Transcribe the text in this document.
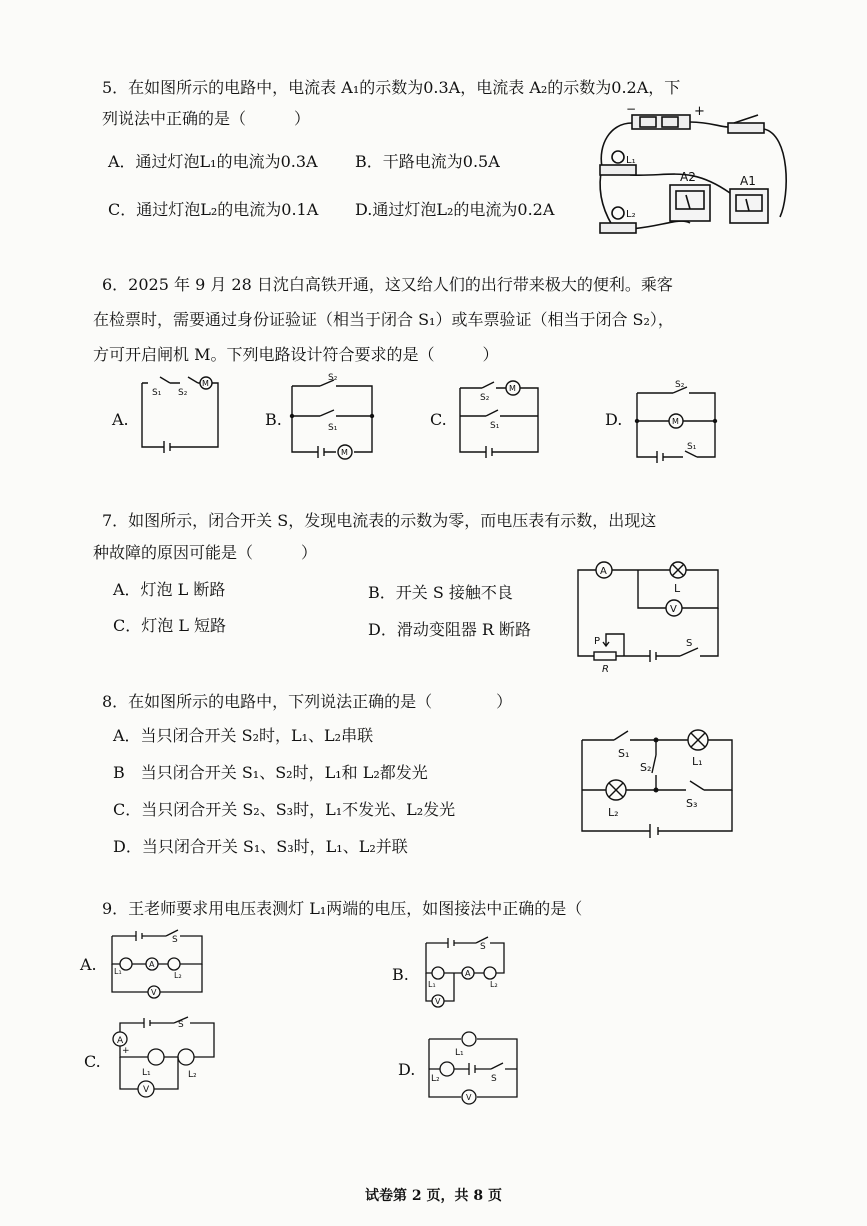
5．在如图所示的电路中，电流表 A₁的示数为0.3A，电流表 A₂的示数为0.2A，下
列说法中正确的是（　　　）
A．通过灯泡L₁的电流为0.3A B．干路电流为0.5A
C．通过灯泡L₂的电流为0.1A D.通过灯泡L₂的电流为0.2A
−	+
L₁
L₂
A2	A1
6．2025 年 9 月 28 日沈白高铁开通，这又给人们的出行带来极大的便利。乘客
在检票时，需要通过身份证验证（相当于闭合 S₁）或车票验证（相当于闭合 S₂），
方可开启闸机 M。下列电路设计符合要求的是（　　　）
A.
S₁ S₂
M
B.
S₂
S₁
M
C.
S₂
S₁
M
D.
S₂
S₁
M
7．如图所示，闭合开关 S，发现电流表的示数为零，而电压表有示数，出现这
种故障的原因可能是（　　　）
A．灯泡 L 断路	B．开关 S 接触不良
C．灯泡 L 短路	D．滑动变阻器 R 断路
A
V
L
P
R
S
8．在如图所示的电路中，下列说法正确的是（　　　　）
A．当只闭合开关 S₂时，L₁、L₂串联
B　当只闭合开关 S₁、S₂时，L₁和 L₂都发光
C．当只闭合开关 S₂、S₃时，L₁不发光、L₂发光
D．当只闭合开关 S₁、S₃时，L₁、L₂并联
S₁
S₂	L₁
L₂
S₃
9．王老师要求用电压表测灯 L₁两端的电压，如图接法中正确的是（
A.
S
L₁
A
L₂
V
B.
S
L₁
A
L₂
V
C.
A
+
S
L₁	L₂
V
D.
L₁
L₂	S
V
试卷第 2 页，共 8 页
